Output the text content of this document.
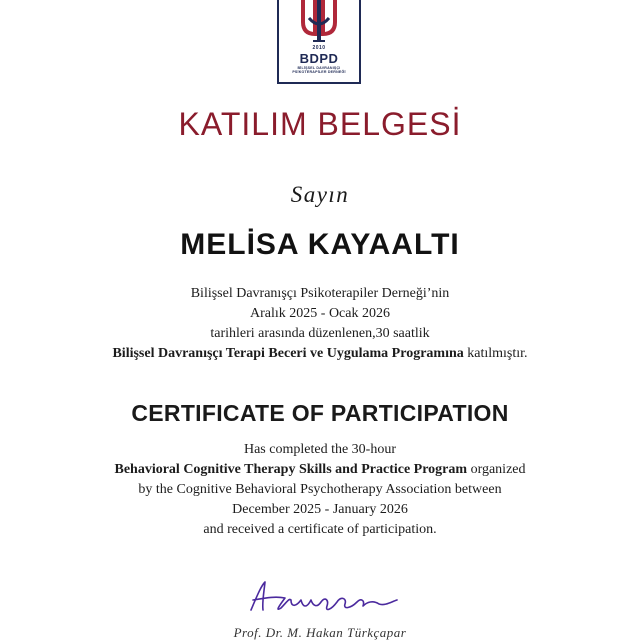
2010
BDPD
BİLİŞSEL DAVRANIŞÇI
PSİKOTERAPİLER DERNEĞİ
KATILIM BELGESİ
Sayın
MELİSA KAYAALTI
Bilişsel Davranışçı Psikoterapiler Derneği’nin
Aralık 2025 - Ocak 2026
tarihleri arasında düzenlenen,30 saatlik
Bilişsel Davranışçı Terapi Beceri ve Uygulama Programına katılmıştır.
CERTIFICATE OF PARTICIPATION
Has completed the 30-hour
Behavioral Cognitive Therapy Skills and Practice Program organized
by the Cognitive Behavioral Psychotherapy Association between
December 2025 - January 2026
and received a certificate of participation.
Prof. Dr. M. Hakan Türkçapar
